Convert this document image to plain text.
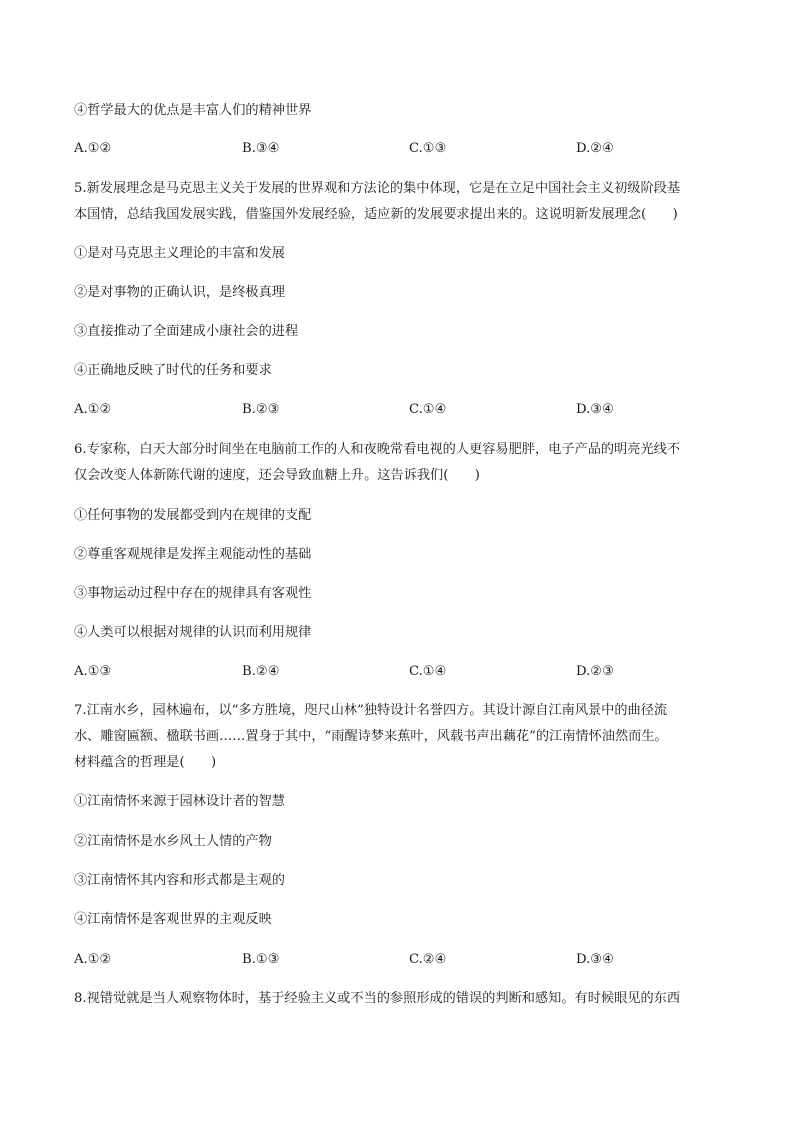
④哲学最大的优点是丰富人们的精神世界
A.①②	B.③④	C.①③	D.②④
5.新发展理念是马克思主义关于发展的世界观和方法论的集中体现，它是在立足中国社会主义初级阶段基
本国情，总结我国发展实践，借鉴国外发展经验，适应新的发展要求提出来的。这说明新发展理念(　　)
①是对马克思主义理论的丰富和发展
②是对事物的正确认识，是终极真理
③直接推动了全面建成小康社会的进程
④正确地反映了时代的任务和要求
A.①②	B.②③	C.①④	D.③④
6.专家称，白天大部分时间坐在电脑前工作的人和夜晚常看电视的人更容易肥胖，电子产品的明亮光线不
仅会改变人体新陈代谢的速度，还会导致血糖上升。这告诉我们(　　)
①任何事物的发展都受到内在规律的支配
②尊重客观规律是发挥主观能动性的基础
③事物运动过程中存在的规律具有客观性
④人类可以根据对规律的认识而利用规律
A.①③	B.②④	C.①④	D.②③
7.江南水乡，园林遍布，以“多方胜境，咫尺山林”独特设计名誉四方。其设计源自江南风景中的曲径流
水、雕窗匾额、楹联书画……置身于其中，“雨醒诗梦来蕉叶，风载书声出藕花”的江南情怀油然而生。
材料蕴含的哲理是(　　)
①江南情怀来源于园林设计者的智慧
②江南情怀是水乡风土人情的产物
③江南情怀其内容和形式都是主观的
④江南情怀是客观世界的主观反映
A.①②	B.①③	C.②④	D.③④
8.视错觉就是当人观察物体时，基于经验主义或不当的参照形成的错误的判断和感知。有时候眼见的东西
